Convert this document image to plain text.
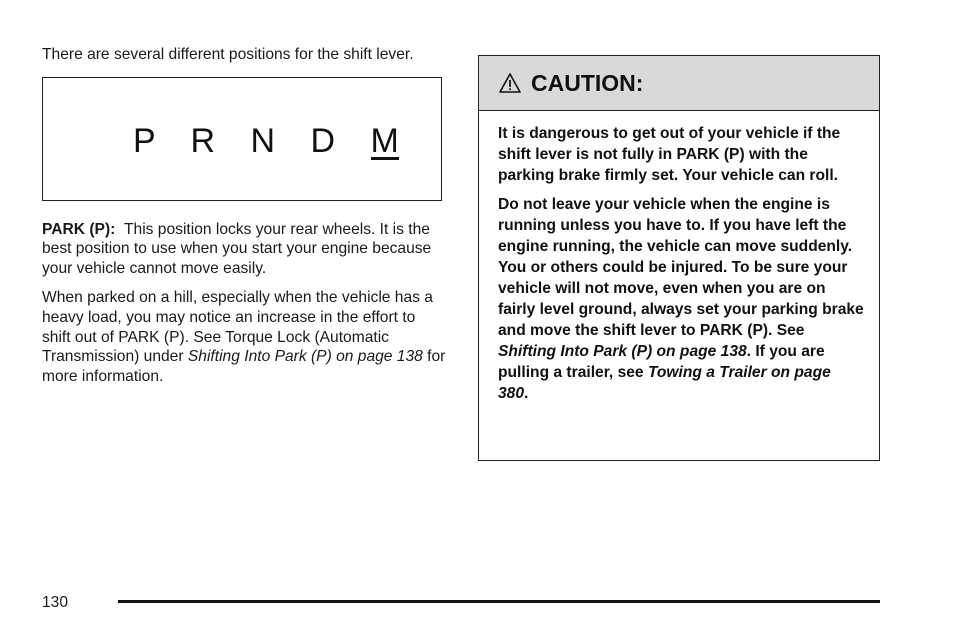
There are several different positions for the shift lever.

P R N D M

PARK (P): This position locks your rear wheels. It is the best position to use when you start your engine because your vehicle cannot move easily.

When parked on a hill, especially when the vehicle has a heavy load, you may notice an increase in the effort to shift out of PARK (P). See Torque Lock (Automatic Transmission) under Shifting Into Park (P) on page 138 for more information.

CAUTION:

It is dangerous to get out of your vehicle if the shift lever is not fully in PARK (P) with the parking brake firmly set. Your vehicle can roll.

Do not leave your vehicle when the engine is running unless you have to. If you have left the engine running, the vehicle can move suddenly. You or others could be injured. To be sure your vehicle will not move, even when you are on fairly level ground, always set your parking brake and move the shift lever to PARK (P). See Shifting Into Park (P) on page 138. If you are pulling a trailer, see Towing a Trailer on page 380.

130
